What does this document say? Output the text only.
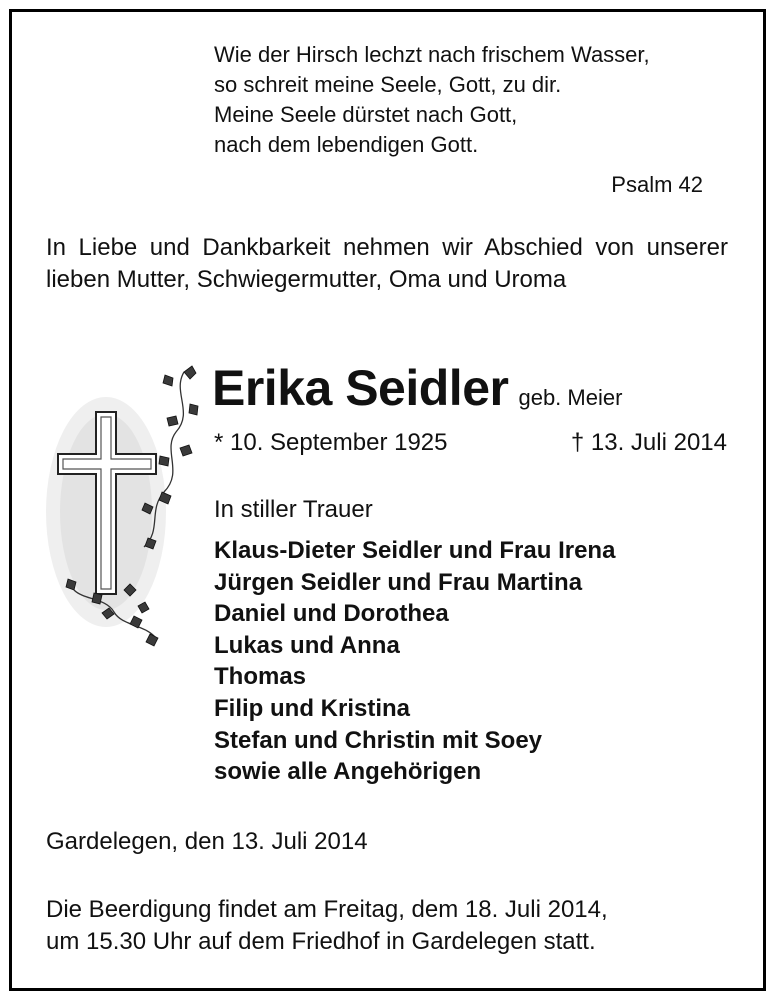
Wie der Hirsch lechzt nach frischem Wasser,
so schreit meine Seele, Gott, zu dir.
Meine Seele dürstet nach Gott,
nach dem lebendigen Gott.
Psalm 42
In Liebe und Dankbarkeit nehmen wir Abschied von unserer lieben Mutter, Schwiegermutter, Oma und Uroma
Erika Seidler geb. Meier
* 10. September 1925	† 13. Juli 2014
In stiller Trauer
Klaus-Dieter Seidler und Frau Irena
Jürgen Seidler und Frau Martina
Daniel und Dorothea
Lukas und Anna
Thomas
Filip und Kristina
Stefan und Christin mit Soey
sowie alle Angehörigen
Gardelegen, den 13. Juli 2014
Die Beerdigung findet am Freitag, dem 18. Juli 2014,
um 15.30 Uhr auf dem Friedhof in Gardelegen statt.
